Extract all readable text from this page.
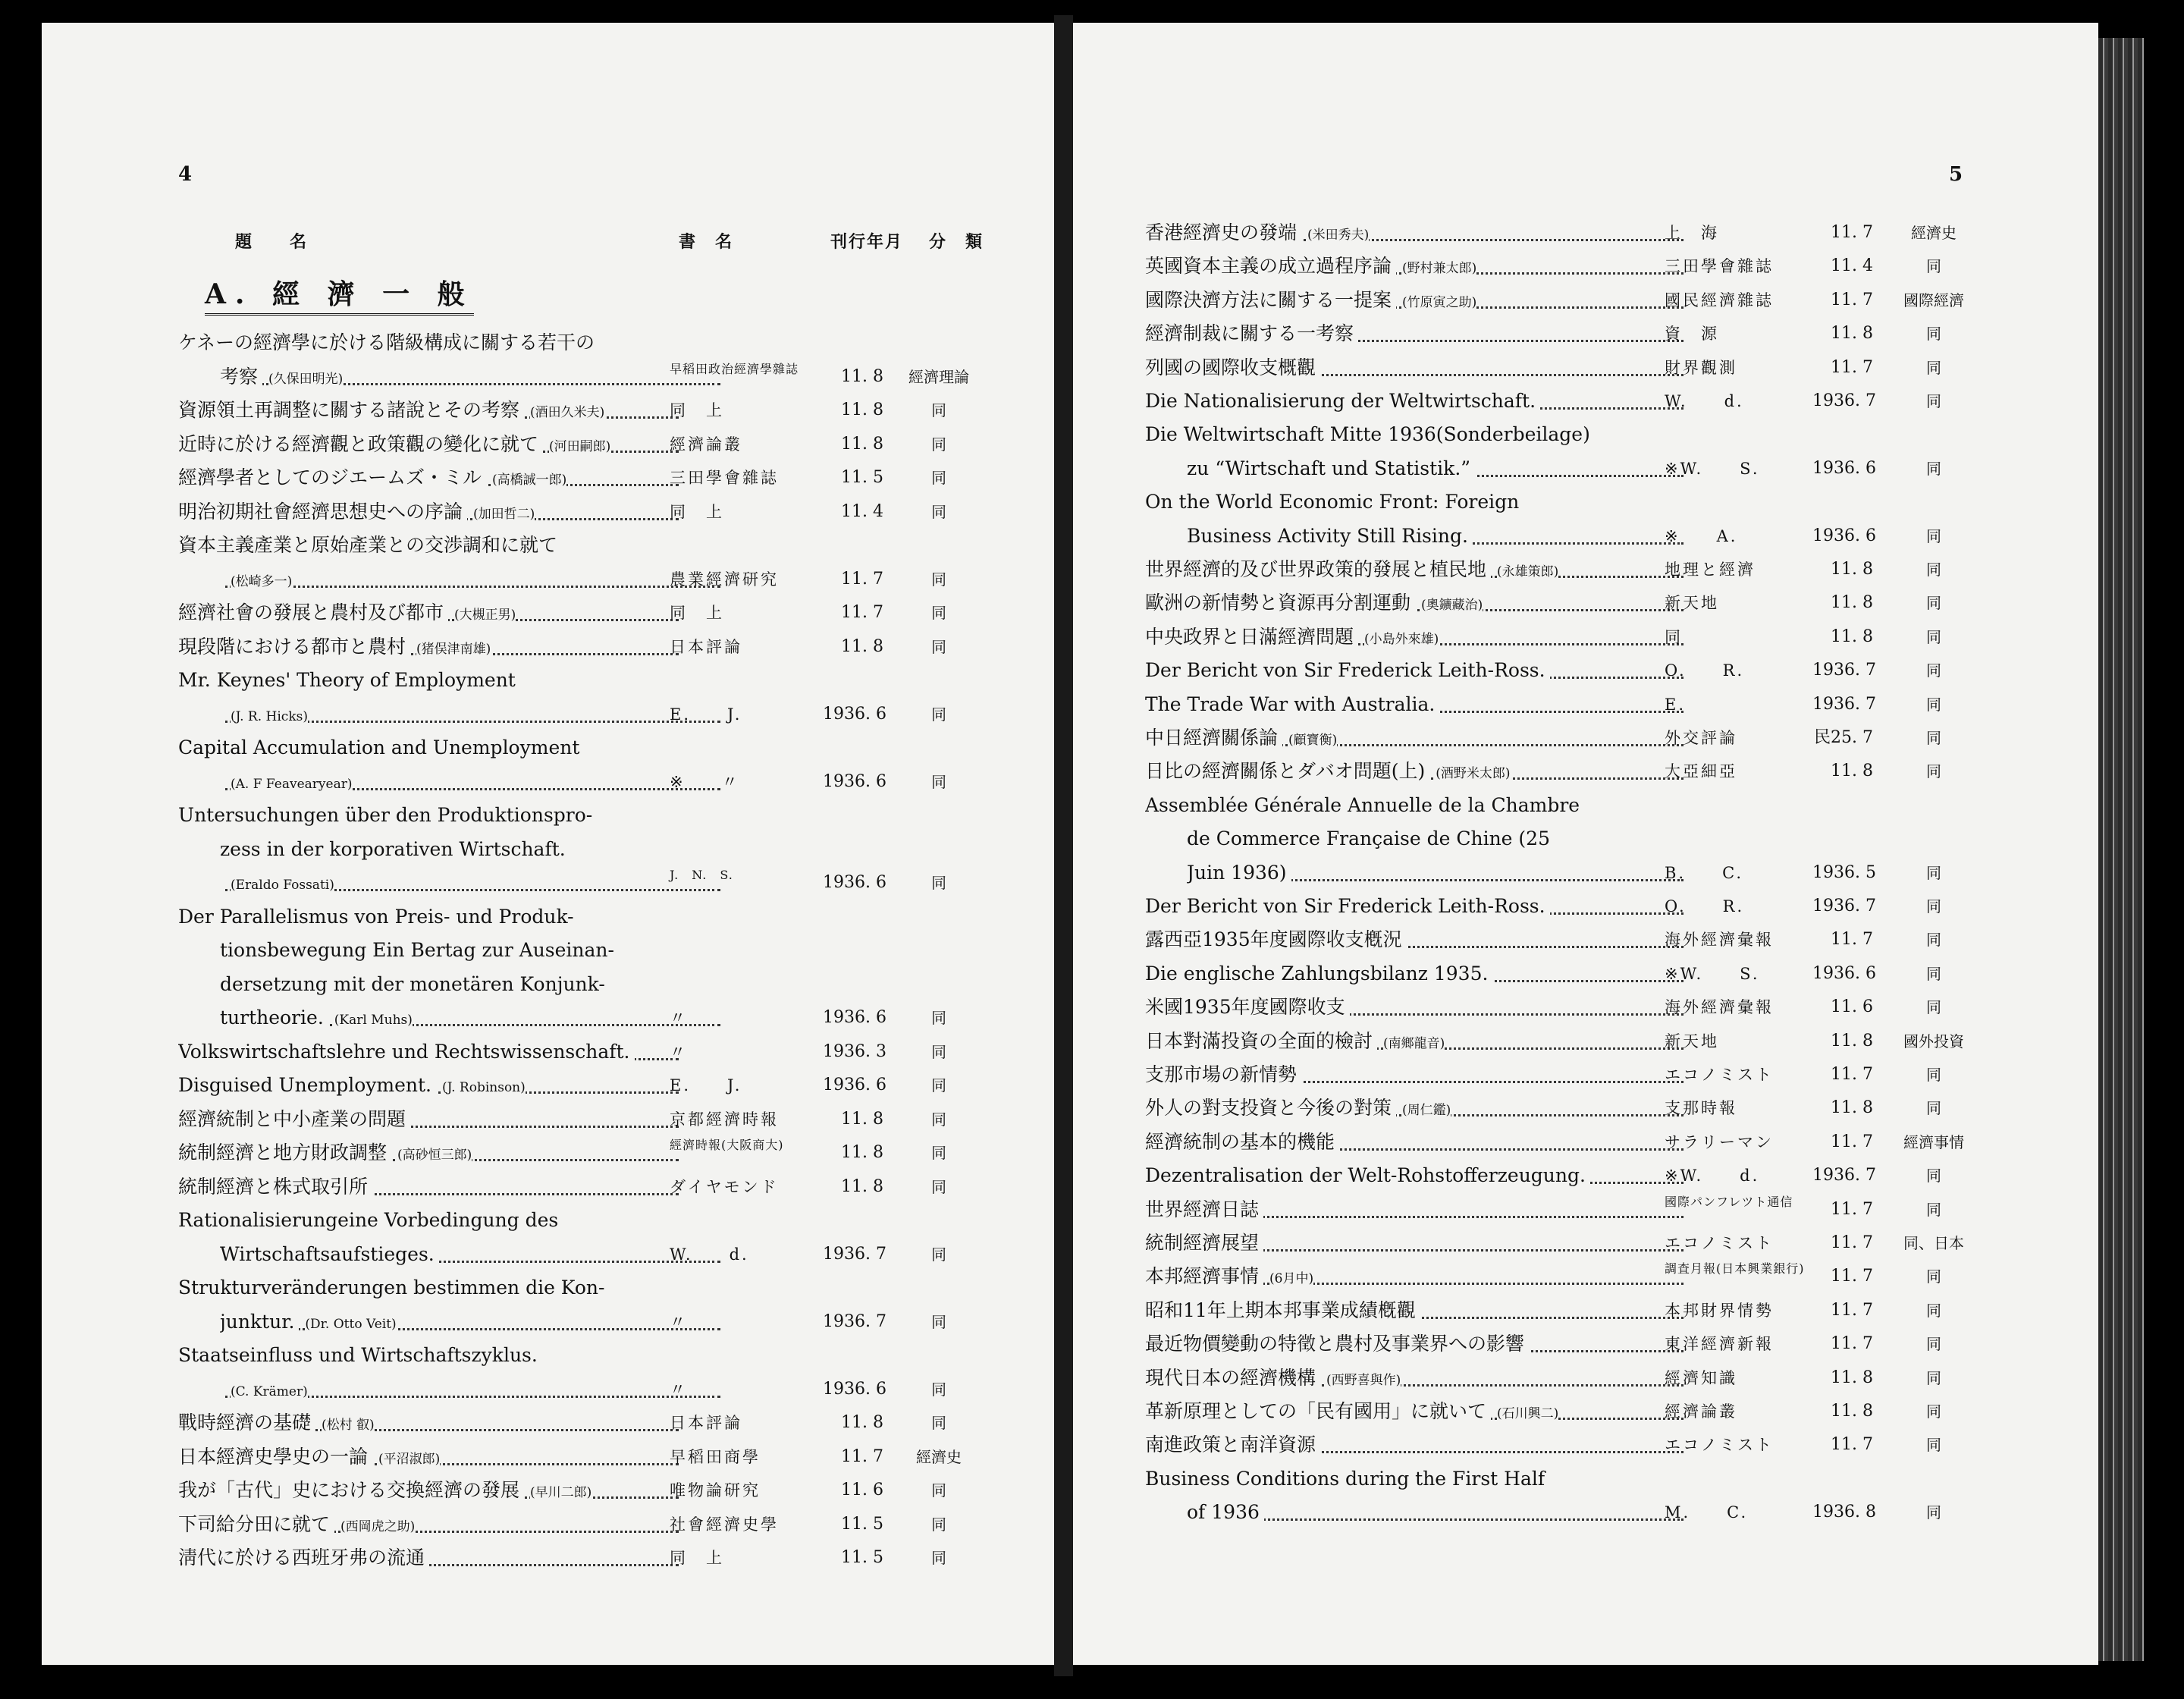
4
題　　名	書　名	刊行年月 分　類
A. 經 濟 一 般
ケネーの經濟學に於ける階級構成に關する若干の
考察 (久保田明光)
早稻田政治經濟學雜誌	11. 8	經濟理論
資源領土再調整に關する諸說とその考察 (酒田久米夫)	同　上	11. 8	同
近時に於ける經濟觀と政策觀の變化に就て (河田嗣郎)	經濟論叢	11. 8	同
經濟學者としてのジエームズ・ミル (高橋誠一郎)	三田學會雜誌	11. 5	同
明治初期社會經濟思想史への序論 (加田哲二)	同　上	11. 4	同
資本主義產業と原始產業との交渉調和に就て
(松崎多一)	農業經濟研究	11. 7	同
經濟社會の發展と農村及び都市 (大槻正男)	同　上	11. 7	同
現段階における都市と農村 (猪俣津南雄)	日本評論	11. 8	同
Mr. Keynes' Theory of Employment
(J. R. Hicks)	E.　　J.	1936. 6	同
Capital Accumulation and Unemployment
(A. F Feavearyear)	※　　〃	1936. 6	同
Untersuchungen über den Produktionspro-
zess in der korporativen Wirtschaft.
(Eraldo Fossati)
J.　N.　S.	1936. 6	同
Der Parallelismus von Preis- und Produk-
tionsbewegung Ein Bertag zur Auseinan-
dersetzung mit der monetären Konjunk-
turtheorie. (Karl Muhs)	〃	1936. 6	同
Volkswirtschaftslehre und Rechtswissenschaft.	〃	1936. 3	同
Disguised Unemployment. (J. Robinson)	E.　　J.	1936. 6	同
經濟統制と中小產業の問題	京都經濟時報	11. 8	同
統制經濟と地方財政調整 (高砂恒三郎)
經濟時報(大阪商大)	11. 8	同
統制經濟と株式取引所	ダイヤモンド	11. 8	同
Rationalisierungeine Vorbedingung des
Wirtschaftsaufstieges.	W.　　d.	1936. 7	同
Strukturveränderungen bestimmen die Kon-
junktur. (Dr. Otto Veit)	〃	1936. 7	同
Staatseinfluss und Wirtschaftszyklus.
(C. Krämer)	〃	1936. 6	同
戰時經濟の基礎 (松村 叡)	日本評論	11. 8	同
日本經濟史學史の一論 (平沼淑郎)	早稻田商學	11. 7	經濟史
我が「古代」史における交換經濟の發展 (早川二郎)	唯物論研究	11. 6	同
下司給分田に就て (西岡虎之助)	社會經濟史學	11. 5	同
淸代に於ける西班牙弗の流通	同　上	11. 5	同
5
香港經濟史の發端 (米田秀夫)	上　海	11. 7	經濟史
英國資本主義の成立過程序論 (野村兼太郎)	三田學會雜誌	11. 4	同
國際決濟方法に關する一提案 (竹原寅之助)	國民經濟雜誌	11. 7	國際經濟
經濟制裁に關する一考察	資　源	11. 8	同
列國の國際收支概觀	財界觀測	11. 7	同
Die Nationalisierung der Weltwirtschaft.	W.　　d.	1936. 7	同
Die Weltwirtschaft Mitte 1936(Sonderbeilage)
zu “Wirtschaft und Statistik.”	※W.　　S.	1936. 6	同
On the World Economic Front: Foreign
Business Activity Still Rising.	※　　A.	1936. 6	同
世界經濟的及び世界政策的發展と植民地 (永雄策郎)	地理と經濟	11. 8	同
歐洲の新情勢と資源再分割運動 (奧鑛藏治)	新天地	11. 8	同
中央政界と日滿經濟問題 (小島外來雄)	同	11. 8	同
Der Bericht von Sir Frederick Leith-Ross.	O.　　R.	1936. 7	同
The Trade War with Australia.	E.	1936. 7	同
中日經濟關係論 (顧寶衡)	外交評論	民25. 7	同
日比の經濟關係とダバオ問題(上) (酒野米太郎)	大亞細亞	11. 8	同
Assemblée Générale Annuelle de la Chambre
de Commerce Française de Chine (25
Juin 1936)	B.　　C.	1936. 5	同
Der Bericht von Sir Frederick Leith-Ross.	O.　　R.	1936. 7	同
露西亞1935年度國際收支槪況	海外經濟彙報	11. 7	同
Die englische Zahlungsbilanz 1935.	※W.　　S.	1936. 6	同
米國1935年度國際收支	海外經濟彙報	11. 6	同
日本對滿投資の全面的檢討 (南鄉龍音)	新天地	11. 8	國外投資
支那市場の新情勢	エコノミスト	11. 7	同
外人の對支投資と今後の對策 (周仁鑑)	支那時報	11. 8	同
經濟統制の基本的機能	サラリーマン	11. 7	經濟事情
Dezentralisation der Welt-Rohstofferzeugung.	※W.　　d.	1936. 7	同
世界經濟日誌	國際パンフレツト通信	11. 7	同
統制經濟展望	エコノミスト	11. 7	同、日本
本邦經濟事情 (6月中)
調査月報(日本興業銀行)	11. 7	同
昭和11年上期本邦事業成績槪觀	本邦財界情勢	11. 7	同
最近物價變動の特徵と農村及事業界への影響	東洋經濟新報	11. 7	同
現代日本の經濟機構 (西野喜與作)	經濟知識	11. 8	同
革新原理としての「民有國用」に就いて (石川興二)	經濟論叢	11. 8	同
南進政策と南洋資源	エコノミスト	11. 7	同
Business Conditions during the First Half
of 1936	M.　　C.	1936. 8	同
